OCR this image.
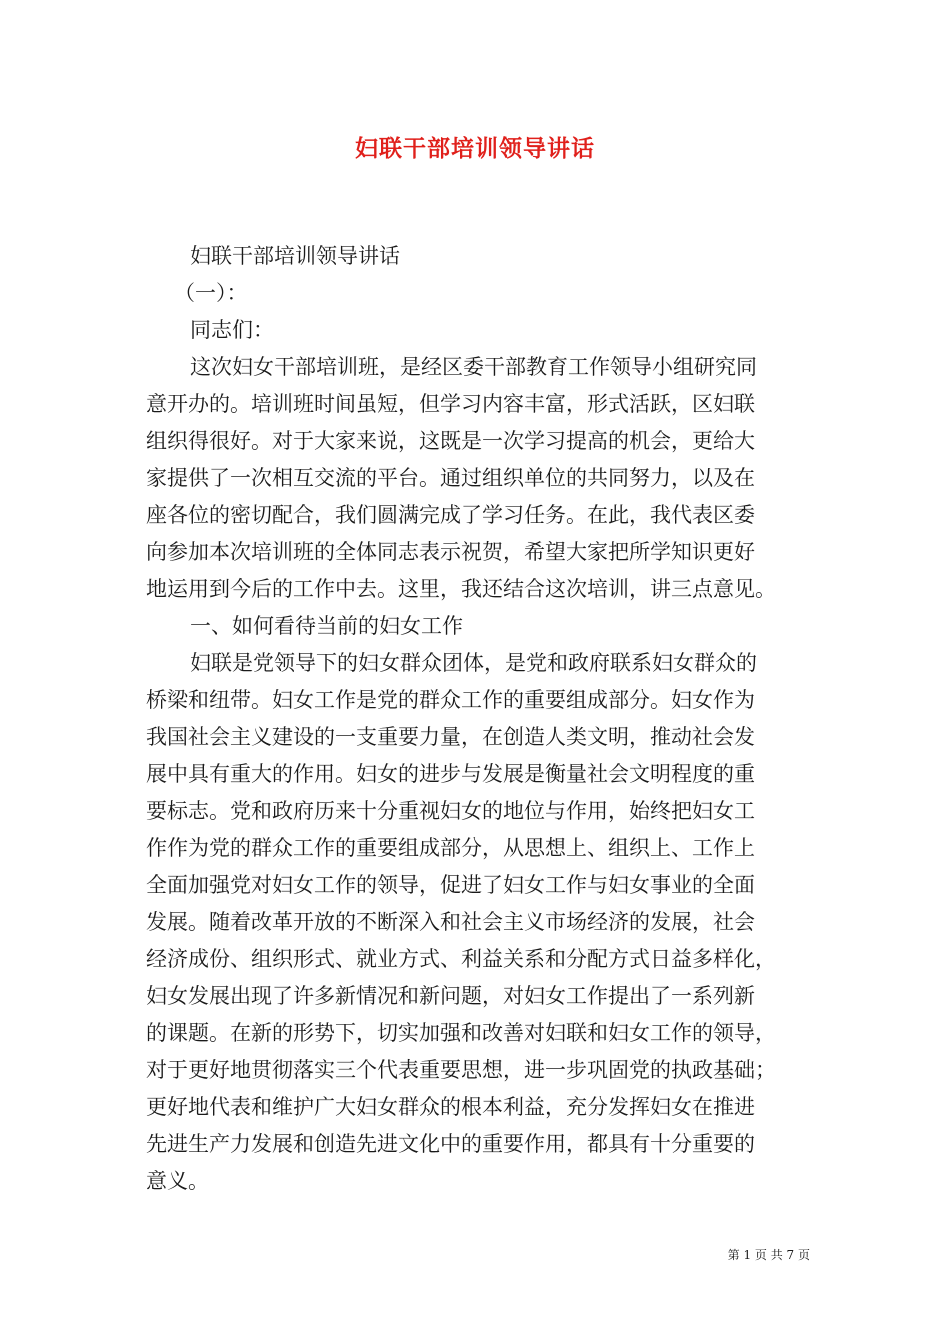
妇联干部培训领导讲话
妇联干部培训领导讲话
（一）：
同志们：
这次妇女干部培训班，是经区委干部教育工作领导小组研究同
意开办的。培训班时间虽短，但学习内容丰富，形式活跃，区妇联
组织得很好。对于大家来说，这既是一次学习提高的机会，更给大
家提供了一次相互交流的平台。通过组织单位的共同努力，以及在
座各位的密切配合，我们圆满完成了学习任务。在此，我代表区委
向参加本次培训班的全体同志表示祝贺，希望大家把所学知识更好
地运用到今后的工作中去。这里，我还结合这次培训，讲三点意见。
一、如何看待当前的妇女工作
妇联是党领导下的妇女群众团体，是党和政府联系妇女群众的
桥梁和纽带。妇女工作是党的群众工作的重要组成部分。妇女作为
我国社会主义建设的一支重要力量，在创造人类文明，推动社会发
展中具有重大的作用。妇女的进步与发展是衡量社会文明程度的重
要标志。党和政府历来十分重视妇女的地位与作用，始终把妇女工
作作为党的群众工作的重要组成部分，从思想上、组织上、工作上
全面加强党对妇女工作的领导，促进了妇女工作与妇女事业的全面
发展。随着改革开放的不断深入和社会主义市场经济的发展，社会
经济成份、组织形式、就业方式、利益关系和分配方式日益多样化，
妇女发展出现了许多新情况和新问题，对妇女工作提出了一系列新
的课题。在新的形势下，切实加强和改善对妇联和妇女工作的领导，
对于更好地贯彻落实三个代表重要思想，进一步巩固党的执政基础；
更好地代表和维护广大妇女群众的根本利益，充分发挥妇女在推进
先进生产力发展和创造先进文化中的重要作用，都具有十分重要的
意义。
第 1 页 共 7 页
